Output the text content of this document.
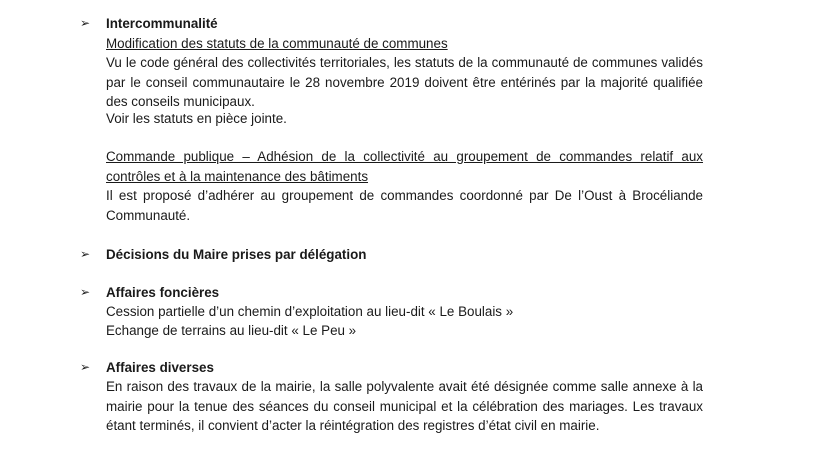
➢ Intercommunalité
Modification des statuts de la communauté de communes
Vu le code général des collectivités territoriales, les statuts de la communauté de communes validés par le conseil communautaire le 28 novembre 2019 doivent être entérinés par la majorité qualifiée des conseils municipaux.
Voir les statuts en pièce jointe.
Commande publique – Adhésion de la collectivité au groupement de commandes relatif aux contrôles et à la maintenance des bâtiments
Il est proposé d’adhérer au groupement de commandes coordonné par De l’Oust à Brocéliande Communauté.
➢ Décisions du Maire prises par délégation
➢ Affaires foncières
Cession partielle d’un chemin d’exploitation au lieu-dit « Le Boulais »
Echange de terrains au lieu-dit « Le Peu »
➢ Affaires diverses
En raison des travaux de la mairie, la salle polyvalente avait été désignée comme salle annexe à la mairie pour la tenue des séances du conseil municipal et la célébration des mariages. Les travaux étant terminés, il convient d’acter la réintégration des registres d’état civil en mairie.
